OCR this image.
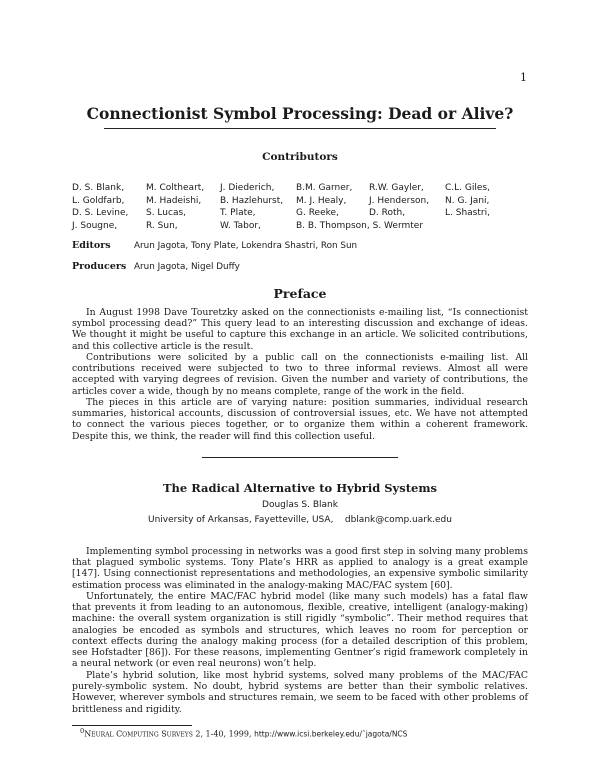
1
Connectionist Symbol Processing: Dead or Alive?
Contributors
D. S. Blank,
L. Goldfarb,
D. S. Levine,
J. Sougne,
M. Coltheart,
M. Hadeishi,
S. Lucas,
R. Sun,
J. Diederich,
B. Hazlehurst,
T. Plate,
W. Tabor,
B.M. Garner,
M. J. Healy,
G. Reeke,
B. B. Thompson, S. Wermter
R.W. Gayler,
J. Henderson,
D. Roth,
C.L. Giles,
N. G. Jani,
L. Shastri,
Editors	Arun Jagota, Tony Plate, Lokendra Shastri, Ron Sun
Producers Arun Jagota, Nigel Duffy
Preface

In August 1998 Dave Touretzky asked on the connectionists e-mailing list, “Is connectionist symbol processing dead?” This query lead to an interesting discussion and exchange of ideas. We thought it might be useful to capture this exchange in an article. We solicited contributions, and this collective article is the result.

Contributions were solicited by a public call on the connectionists e-mailing list. All contributions received were subjected to two to three informal reviews. Almost all were accepted with varying degrees of revision. Given the number and variety of contributions, the articles cover a wide, though by no means complete, range of the work in the field.

The pieces in this article are of varying nature: position summaries, individual research summaries, historical accounts, discussion of controversial issues, etc. We have not attempted to connect the various pieces together, or to organize them within a coherent framework. Despite this, we think, the reader will find this collection useful.

The Radical Alternative to Hybrid Systems
Douglas S. Blank
University of Arkansas, Fayetteville, USA,    dblank@comp.uark.edu

Implementing symbol processing in networks was a good first step in solving many problems that plagued symbolic systems. Tony Plate’s HRR as applied to analogy is a great example [147]. Using connectionist representations and methodologies, an expensive symbolic similarity estimation process was eliminated in the analogy-making MAC/FAC system [60].

Unfortunately, the entire MAC/FAC hybrid model (like many such models) has a fatal flaw that prevents it from leading to an autonomous, flexible, creative, intelligent (analogy-making) machine: the overall system organization is still rigidly “symbolic”. Their method requires that analogies be encoded as symbols and structures, which leaves no room for perception or context effects during the analogy making process (for a detailed description of this problem, see Hofstadter [86]). For these reasons, implementing Gentner’s rigid framework completely in a neural network (or even real neurons) won’t help.

Plate’s hybrid solution, like most hybrid systems, solved many problems of the MAC/FAC purely-symbolic system. No doubt, hybrid systems are better than their symbolic relatives. However, wherever symbols and structures remain, we seem to be faced with other problems of brittleness and rigidity.

$^0$Neural Computing Surveys 2, 1-40, 1999, http://www.icsi.berkeley.edu/˜jagota/NCS
